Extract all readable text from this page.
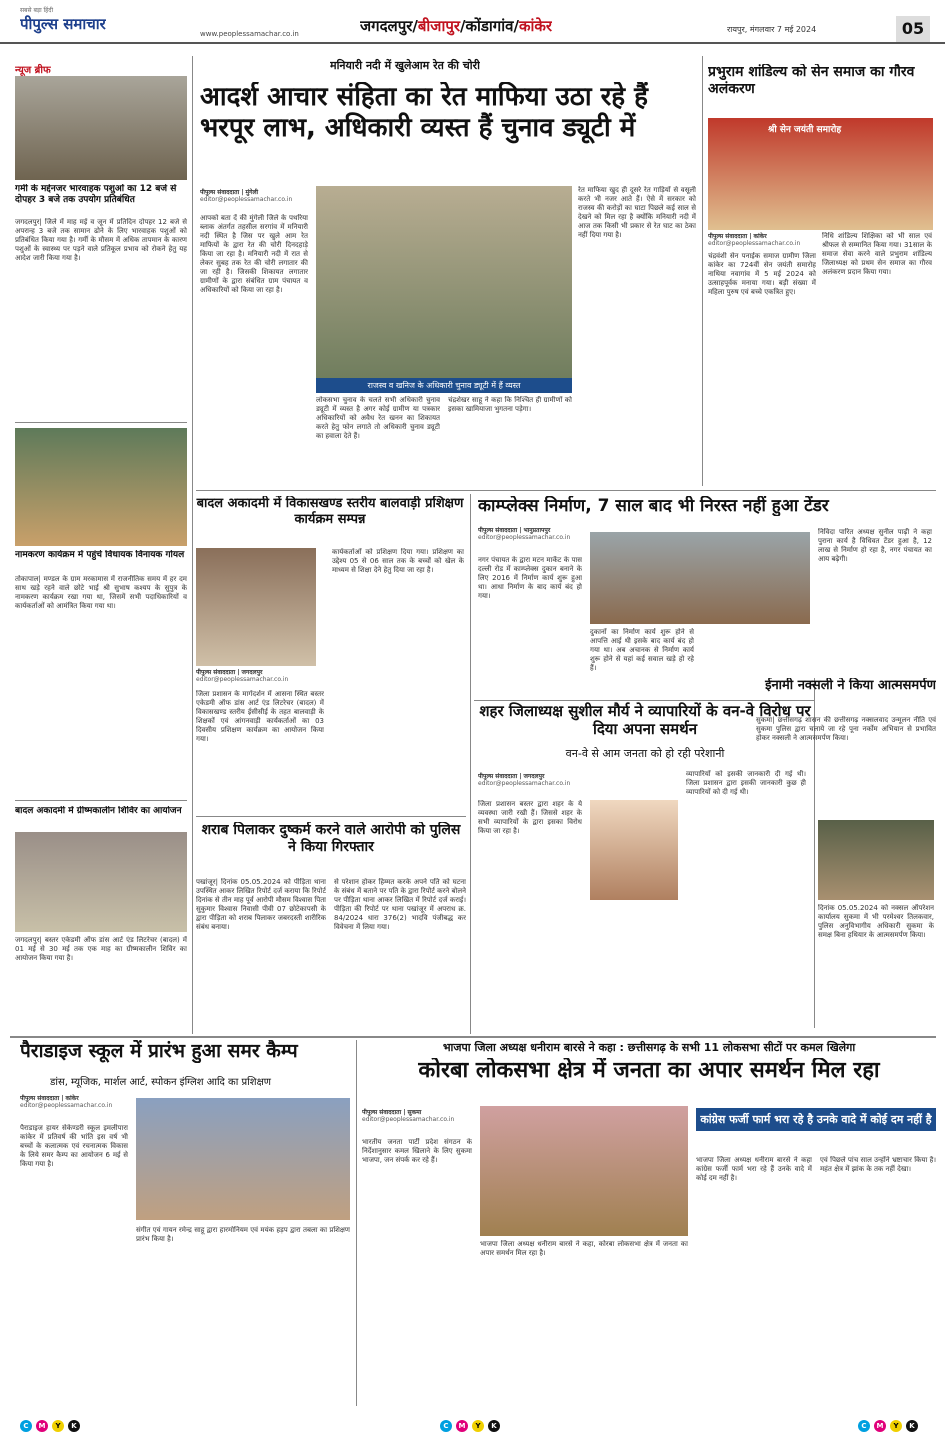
सबसे बड़ा हिंदी
पीपुल्स समाचार
www.peoplessamachar.co.in	जगदलपुर/बीजापुर/कोंडागांव/कांकेर	रायपुर, मंगलवार 7 मई 2024	05
न्यूज ब्रीफ
गर्मी के मद्देनजर भारवाहक पशुओं का 12 बजे से दोपहर 3 बजे तक उपयोग प्रतिबंधित
जगदलपुर| जिले में माह मई व जून में प्रतिदिन दोपहर 12 बजे से अपरान्ह 3 बजे तक सामान ढोने के लिए भारवाहक पशुओं को प्रतिबंधित किया गया है। गर्मी के मौसम में अधिक तापमान के कारण पशुओं के स्वास्थ्य पर पड़ने वाले प्रतिकूल प्रभाव को रोकने हेतु यह आदेश जारी किया गया है।
नामकरण कार्यक्रम में पहुंचे विधायक विनायक गोयल
तोकापाल| मण्डल के ग्राम मरकामास में राजनीतिक समय में हर दम साथ खड़े रहने वाले छोटे भाई श्री सुभाष कश्यप के सुपुत्र के नामकरण कार्यक्रम रखा गया था, जिसमें सभी पदाधिकारियों व कार्यकर्ताओं को आमंत्रित किया गया था।
बादल अकादमी में ग्रीष्मकालीन शिविर का आयोजन
जगदलपुर| बस्तर एकेडमी ऑफ डांस आर्ट एंड लिटरेचर (बादल) में 01 मई से 30 मई तक एक माह का ग्रीष्मकालीन शिविर का आयोजन किया गया है।
मनियारी नदी में खुलेआम रेत की चोरी
आदर्श आचार संहिता का रेत माफिया उठा रहे हैं भरपूर लाभ, अधिकारी व्यस्त हैं चुनाव ड्यूटी में
पीपुल्स संवाददाता | मुंगेली
editor@peoplessamachar.co.in
आपको बता दें की मुंगेली जिले के पथरिया ब्लाक अंतर्गत तहसील सरगांव में मनियारी नदी स्थित है जिस पर खुले आम रेत माफियों के द्वारा रेत की चोरी दिनदहाड़े किया जा रहा है। मनियारी नदी में रात से लेकर सुबह तक रेत की चोरी लगातार की जा रही है। जिसकी शिकायत लगातार ग्रामीणों के द्वारा संबंधित ग्राम पंचायत व अधिकारियों को किया जा रहा है।
राजस्व व खनिज के अधिकारी चुनाव ड्यूटी में हैं व्यस्त
लोकसभा चुनाव के चलते सभी अधिकारी चुनाव ड्यूटी में व्यस्त है अगर कोई ग्रामीण या पत्रकार अधिकारियों को अवैध रेत खनन का शिकायत करते हेतु फोन लगाते तो अधिकारी चुनाव ड्यूटी का हवाला देते हैं।
चंद्रशेखर साहू ने कहा कि निश्चित ही ग्रामीणों को इसका खामियाजा भुगतना पड़ेगा।
रेत माफिया खुद ही दूसरे रेत गाड़ियों से वसूली करते भी नजर आते हैं। ऐसे में सरकार को राजस्व की करोड़ों का घाटा पिछले कई साल से देखने को मिल रहा है क्योंकि मनियारी नदी में आज तक किसी भी प्रकार से रेत घाट का ठेका नहीं दिया गया है।
प्रभुराम शांडिल्य को सेन समाज का गौरव अलंकरण
श्री सेन जयंती समारोह
पीपुल्स संवाददाता | कांकेर
editor@peoplessamachar.co.in
चंद्रवंशी सेन पनाईक समाज ग्रामीण जिला कांकेर का 724वीं सेन जयंती समारोह नाथिया नवागांव में 5 मई 2024 को उत्साहपूर्वक मनाया गया। बड़ी संख्या में महिला पुरुष एवं बच्चे एकत्रित हुए।
निधि शांडिल्य शिक्षिका को भी साल एवं श्रीफल से सम्मानित किया गया। 31साल के समाज सेवा करने वाले प्रभुराम शांडिल्य जिलाध्यक्ष को प्रथम सेन समाज का गौरव अलंकरण प्रदान किया गया।
बादल अकादमी में विकासखण्ड स्तरीय बालवाड़ी प्रशिक्षण कार्यक्रम सम्पन्न
पीपुल्स संवाददाता | जगदलपुर
editor@peoplessamachar.co.in
जिला प्रशासन के मार्गदर्शन में आसना स्थित बस्तर एकेडमी ऑफ डांस आर्ट एंड लिटरेचर (बादल) में विकासखण्ड स्तरीय ईसीसीई के तहत बालवाड़ी के शिक्षकों एवं आंगनवाड़ी कार्यकर्ताओं का 03 दिवसीय प्रशिक्षण कार्यक्रम का आयोजन किया गया।
कार्यकर्ताओं को प्रशिक्षण दिया गया। प्रशिक्षण का उद्देश्य 05 से 06 साल तक के बच्चों को खेल के माध्यम से शिक्षा देने हेतु दिया जा रहा है।
शराब पिलाकर दुष्कर्म करने वाले आरोपी को पुलिस ने किया गिरफ्तार
पखांजूर| दिनांक 05.05.2024 को पीड़िता थाना उपस्थित आकर लिखित रिपोर्ट दर्ज कराया कि रिपोर्ट दिनांक से तीन माह पूर्व आरोपी मौसम विश्वास पिता सुकुमार विश्वास निवासी पीवी 07 छोटेकापसी के द्वारा पीड़िता को शराब पिलाकर जबरदस्ती शारीरिक संबंध बनाया।
से परेशान होकर हिम्मत करके अपने पति को घटना के संबंध में बताने पर पति के द्वारा रिपोर्ट करने बोलने पर पीड़िता थाना आकर लिखित में रिपोर्ट दर्ज कराई। पीड़िता की रिपोर्ट पर थाना पखांजूर में अपराध क्र. 84/2024 धारा 376(2) भादवि पंजीबद्ध कर विवेचना में लिया गया।
काम्प्लेक्स निर्माण, 7 साल बाद भी निरस्त नहीं हुआ टेंडर
पीपुल्स संवाददाता | भानुप्रतापपुर
editor@peoplessamachar.co.in
नगर पंचायत के द्वारा मटन मार्केट के पास दल्ली रोड में काम्प्लेक्स दुकान बनाने के लिए 2016 में निर्माण कार्य शुरू हुआ था। आधा निर्माण के बाद कार्य बंद हो गया।
दुकानों का निर्माण कार्य शुरू होने से आपत्ति आई थी इसके बाद कार्य बंद हो गया था। अब अचानक से निर्माण कार्य शुरू होने से यहां कई सवाल खड़े हो रहे हैं।
निविदा पारित अध्यक्ष सुनील पाढ़ी ने कहा पुराना कार्य है विधिवत टेंडर हुआ है, 12 लाख से निर्माण हो रहा है, नगर पंचायत का आय बढ़ेगी।
शहर जिलाध्यक्ष सुशील मौर्य ने व्यापारियों के वन-वे विरोध पर दिया अपना समर्थन
वन-वे से आम जनता को हो रही परेशानी
पीपुल्स संवाददाता | जगदलपुर
editor@peoplessamachar.co.in
जिला प्रशासन बस्तर द्वारा शहर के ये व्यवस्था जारी रखी हैं। जिससे शहर के सभी व्यापारियों के द्वारा इसका विरोध किया जा रहा है।
व्यापारियों को इसकी जानकारी दी गई थी। जिला प्रशासन द्वारा इसकी जानकारी कुछ ही व्यापारियों को दी गई थी।
ईनामी नक्सली ने किया आत्मसमर्पण
सुकमा| छत्तीसगढ़ शासन की छत्तीसगढ़ नक्सलवाद उन्मूलन नीति एवं सुकमा पुलिस द्वारा चलाये जा रहे पूना नर्कोम अभियान से प्रभावित होकर नक्सली ने आत्मसमर्पण किया।
दिनांक 05.05.2024 को नक्सल ऑपरेशन कार्यालय सुकमा में भी परमेश्वर तिलकवार, पुलिस अनुविभागीय अधिकारी सुकमा के समक्ष बिना हथियार के आत्मसमर्पण किया।
पैराडाइज स्कूल में प्रारंभ हुआ समर कैम्प
डांस, म्यूजिक, मार्शल आर्ट, स्पोकन इंग्लिश आदि का प्रशिक्षण
पीपुल्स संवाददाता | कांकेर
editor@peoplessamachar.co.in
पैराडाइज हायर सेकेण्डरी स्कूल इमलीपारा कांकेर में प्रतिवर्ष की भांति इस वर्ष भी बच्चों के कलात्मक एवं रचनात्मक विकास के लिये समर कैम्प का आयोजन 6 मई से किया गया है।
संगीत एवं गायन रमेन्द्र साहू द्वारा हारमोनियम एवं मयंक हड़प द्वारा तबला का प्रशिक्षण प्रारंभ किया है।
भाजपा जिला अध्यक्ष धनीराम बारसे ने कहा : छत्तीसगढ़ के सभी 11 लोकसभा सीटों पर कमल खिलेगा
कोरबा लोकसभा क्षेत्र में जनता का अपार समर्थन मिल रहा
पीपुल्स संवाददाता | सुकमा
editor@peoplessamachar.co.in
भारतीय जनता पार्टी प्रदेश संगठन के निर्देशानुसार कमल खिलाने के लिए सुकमा भाजपा, जन संपर्क कर रहे हैं।
भाजपा जिला अध्यक्ष धनीराम बारसे ने कहा, कोरबा लोकसभा क्षेत्र में जनता का अपार समर्थन मिल रहा है।
कांग्रेस फर्जी फार्म भरा रहे है उनके वादे में कोई दम नहीं है
भाजपा जिला अध्यक्ष धनीराम बारसे ने कहा कांग्रेस फर्जी फार्म भरा रहे हैं उनके वादे में कोई दम नहीं है।
एवं पिछले पांच साल उन्होंने भ्रष्टाचार किया है। महंत क्षेत्र में झांक के तक नहीं देखा।
C	M	Y	K	C	M	Y	K	C	M	Y	K
